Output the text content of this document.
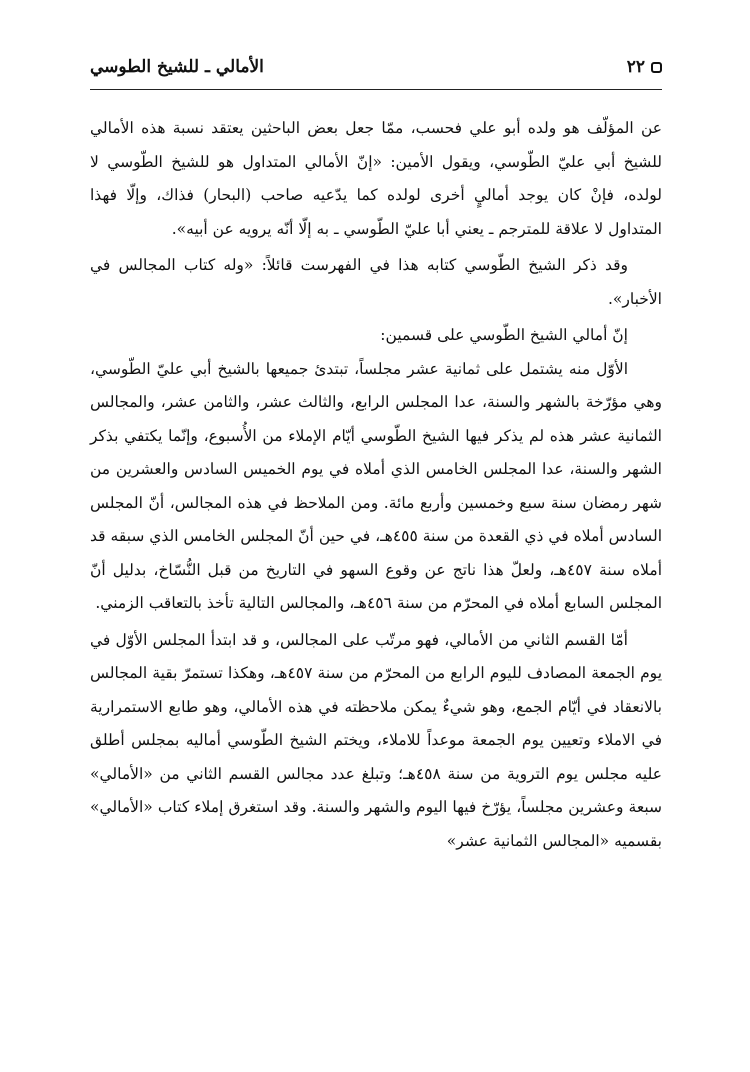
٢٢
الأمالي ـ للشيخ الطوسي

عن المؤلّف هو ولده أبو علي فحسب، ممّا جعل بعض الباحثين يعتقد نسبة هذه الأمالي للشيخ أبي عليّ الطّوسي، ويقول الأمين: «إنّ الأمالي المتداول هو للشيخ الطّوسي لا لولده، فإنْ كان يوجد أماليٍ أخرى لولده كما يدّعيه صاحب (البحار) فذاك، وإلّا فهذا المتداول لا علاقة للمترجم ـ يعني أبا عليّ الطّوسي ـ به إلّا أنّه يرويه عن أبيه».

وقد ذكر الشيخ الطّوسي كتابه هذا في الفهرست قائلاً: «وله كتاب المجالس في الأخبار».

إنّ أمالي الشيخ الطّوسي على قسمين:

الأوّل منه يشتمل على ثمانية عشر مجلساً، تبتدئ جميعها بالشيخ أبي عليّ الطّوسي، وهي مؤرّخة بالشهر والسنة، عدا المجلس الرابع، والثالث عشر، والثامن عشر، والمجالس الثمانية عشر هذه لم يذكر فيها الشيخ الطّوسي أيّام الإملاء من الأُسبوع، وإنّما يكتفي بذكر الشهر والسنة، عدا المجلس الخامس الذي أملاه في يوم الخميس السادس والعشرين من شهر رمضان سنة سبع وخمسين وأربع مائة. ومن الملاحظ في هذه المجالس، أنّ المجلس السادس أملاه في ذي القعدة من سنة ٤٥٥هـ، في حين أنّ المجلس الخامس الذي سبقه قد أملاه سنة ٤٥٧هـ، ولعلّ هذا ناتج عن وقوع السهو في التاريخ من قبل النُّسّاخ، بدليل أنّ المجلس السابع أملاه في المحرّم من سنة ٤٥٦هـ، والمجالس التالية تأخذ بالتعاقب الزمني.

أمّا القسم الثاني من الأمالي، فهو مرتّب على المجالس، و قد ابتدأ المجلس الأوّل في يوم الجمعة المصادف لليوم الرابع من المحرّم من سنة ٤٥٧هـ، وهكذا تستمرّ بقية المجالس بالانعقاد في أيّام الجمع، وهو شيءٌ يمكن ملاحظته في هذه الأمالي، وهو طابع الاستمرارية في الاملاء وتعيين يوم الجمعة موعداً للاملاء، ويختم الشيخ الطّوسي أماليه بمجلس أطلق عليه مجلس يوم التروية من سنة ٤٥٨هـ؛ وتبلغ عدد مجالس القسم الثاني من «الأمالي» سبعة وعشرين مجلساً، يؤرّخ فيها اليوم والشهر والسنة. وقد استغرق إملاء كتاب «الأمالي» بقسميه «المجالس الثمانية عشر»
